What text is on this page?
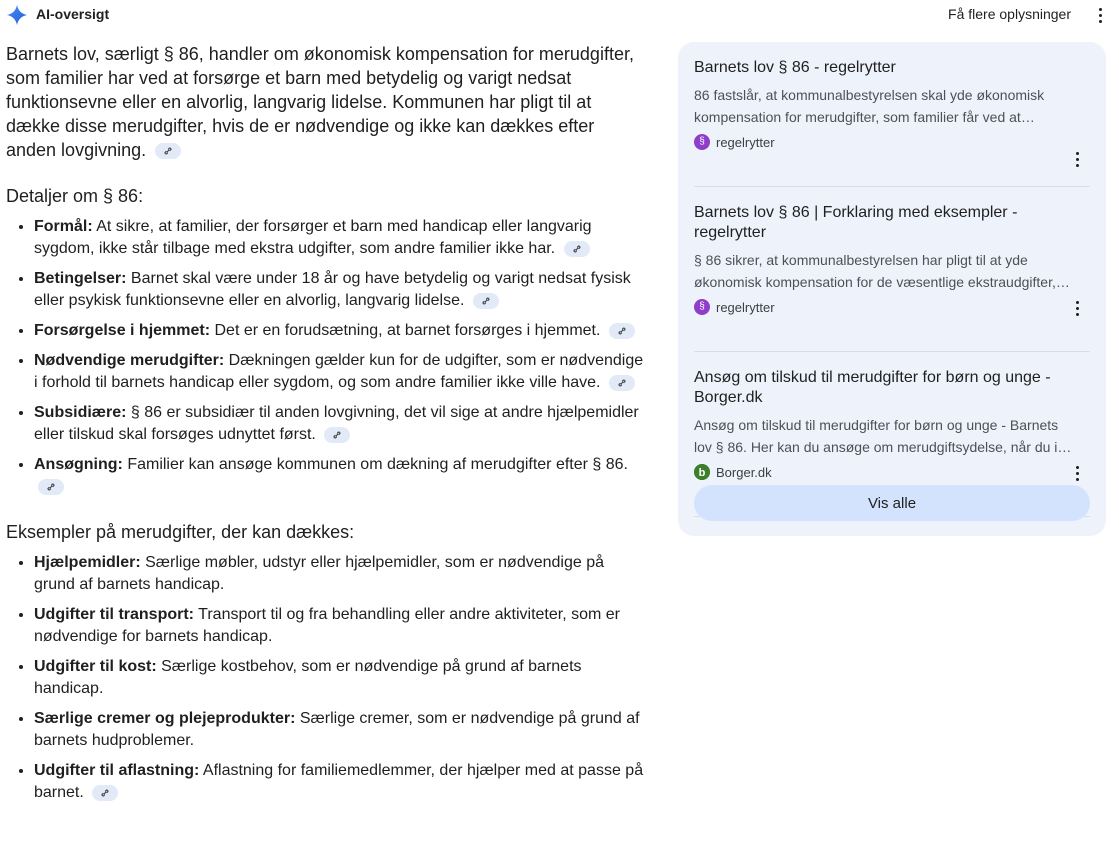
AI-oversigt	Få flere oplysninger

Barnets lov, særligt § 86, handler om økonomisk kompensation for merudgifter, som familier har ved at forsørge et barn med betydelig og varigt nedsat funktionsevne eller en alvorlig, langvarig lidelse. Kommunen har pligt til at dække disse merudgifter, hvis de er nødvendige og ikke kan dækkes efter anden lovgivning.

Detaljer om § 86:
• Formål: At sikre, at familier, der forsørger et barn med handicap eller langvarig sygdom, ikke står tilbage med ekstra udgifter, som andre familier ikke har.
• Betingelser: Barnet skal være under 18 år og have betydelig og varigt nedsat fysisk eller psykisk funktionsevne eller en alvorlig, langvarig lidelse.
• Forsørgelse i hjemmet: Det er en forudsætning, at barnet forsørges i hjemmet.
• Nødvendige merudgifter: Dækningen gælder kun for de udgifter, som er nødvendige i forhold til barnets handicap eller sygdom, og som andre familier ikke ville have.
• Subsidiære: § 86 er subsidiær til anden lovgivning, det vil sige at andre hjælpemidler eller tilskud skal forsøges udnyttet først.
• Ansøgning: Familier kan ansøge kommunen om dækning af merudgifter efter § 86.
Eksempler på merudgifter, der kan dækkes:
• Hjælpemidler: Særlige møbler, udstyr eller hjælpemidler, som er nødvendige på grund af barnets handicap.
• Udgifter til transport: Transport til og fra behandling eller andre aktiviteter, som er nødvendige for barnets handicap.
• Udgifter til kost: Særlige kostbehov, som er nødvendige på grund af barnets handicap.
• Særlige cremer og plejeprodukter: Særlige cremer, som er nødvendige på grund af barnets hudproblemer.
• Udgifter til aflastning: Aflastning for familiemedlemmer, der hjælper med at passe på barnet.
Barnets lov § 86 - regelrytter
86 fastslår, at kommunalbestyrelsen skal yde økonomisk kompensation for merudgifter, som familier får ved at
§ regelrytter
Barnets lov § 86 | Forklaring med eksempler - regelrytter
§ 86 sikrer, at kommunalbestyrelsen har pligt til at yde økonomisk kompensation for de væsentlige ekstraudgifter,
§ regelrytter
Ansøg om tilskud til merudgifter for børn og unge - Borger.dk
Ansøg om tilskud til merudgifter for børn og unge - Barnets lov § 86. Her kan du ansøge om merudgiftsydelse, når du i
b Borger.dk
Vis alle
